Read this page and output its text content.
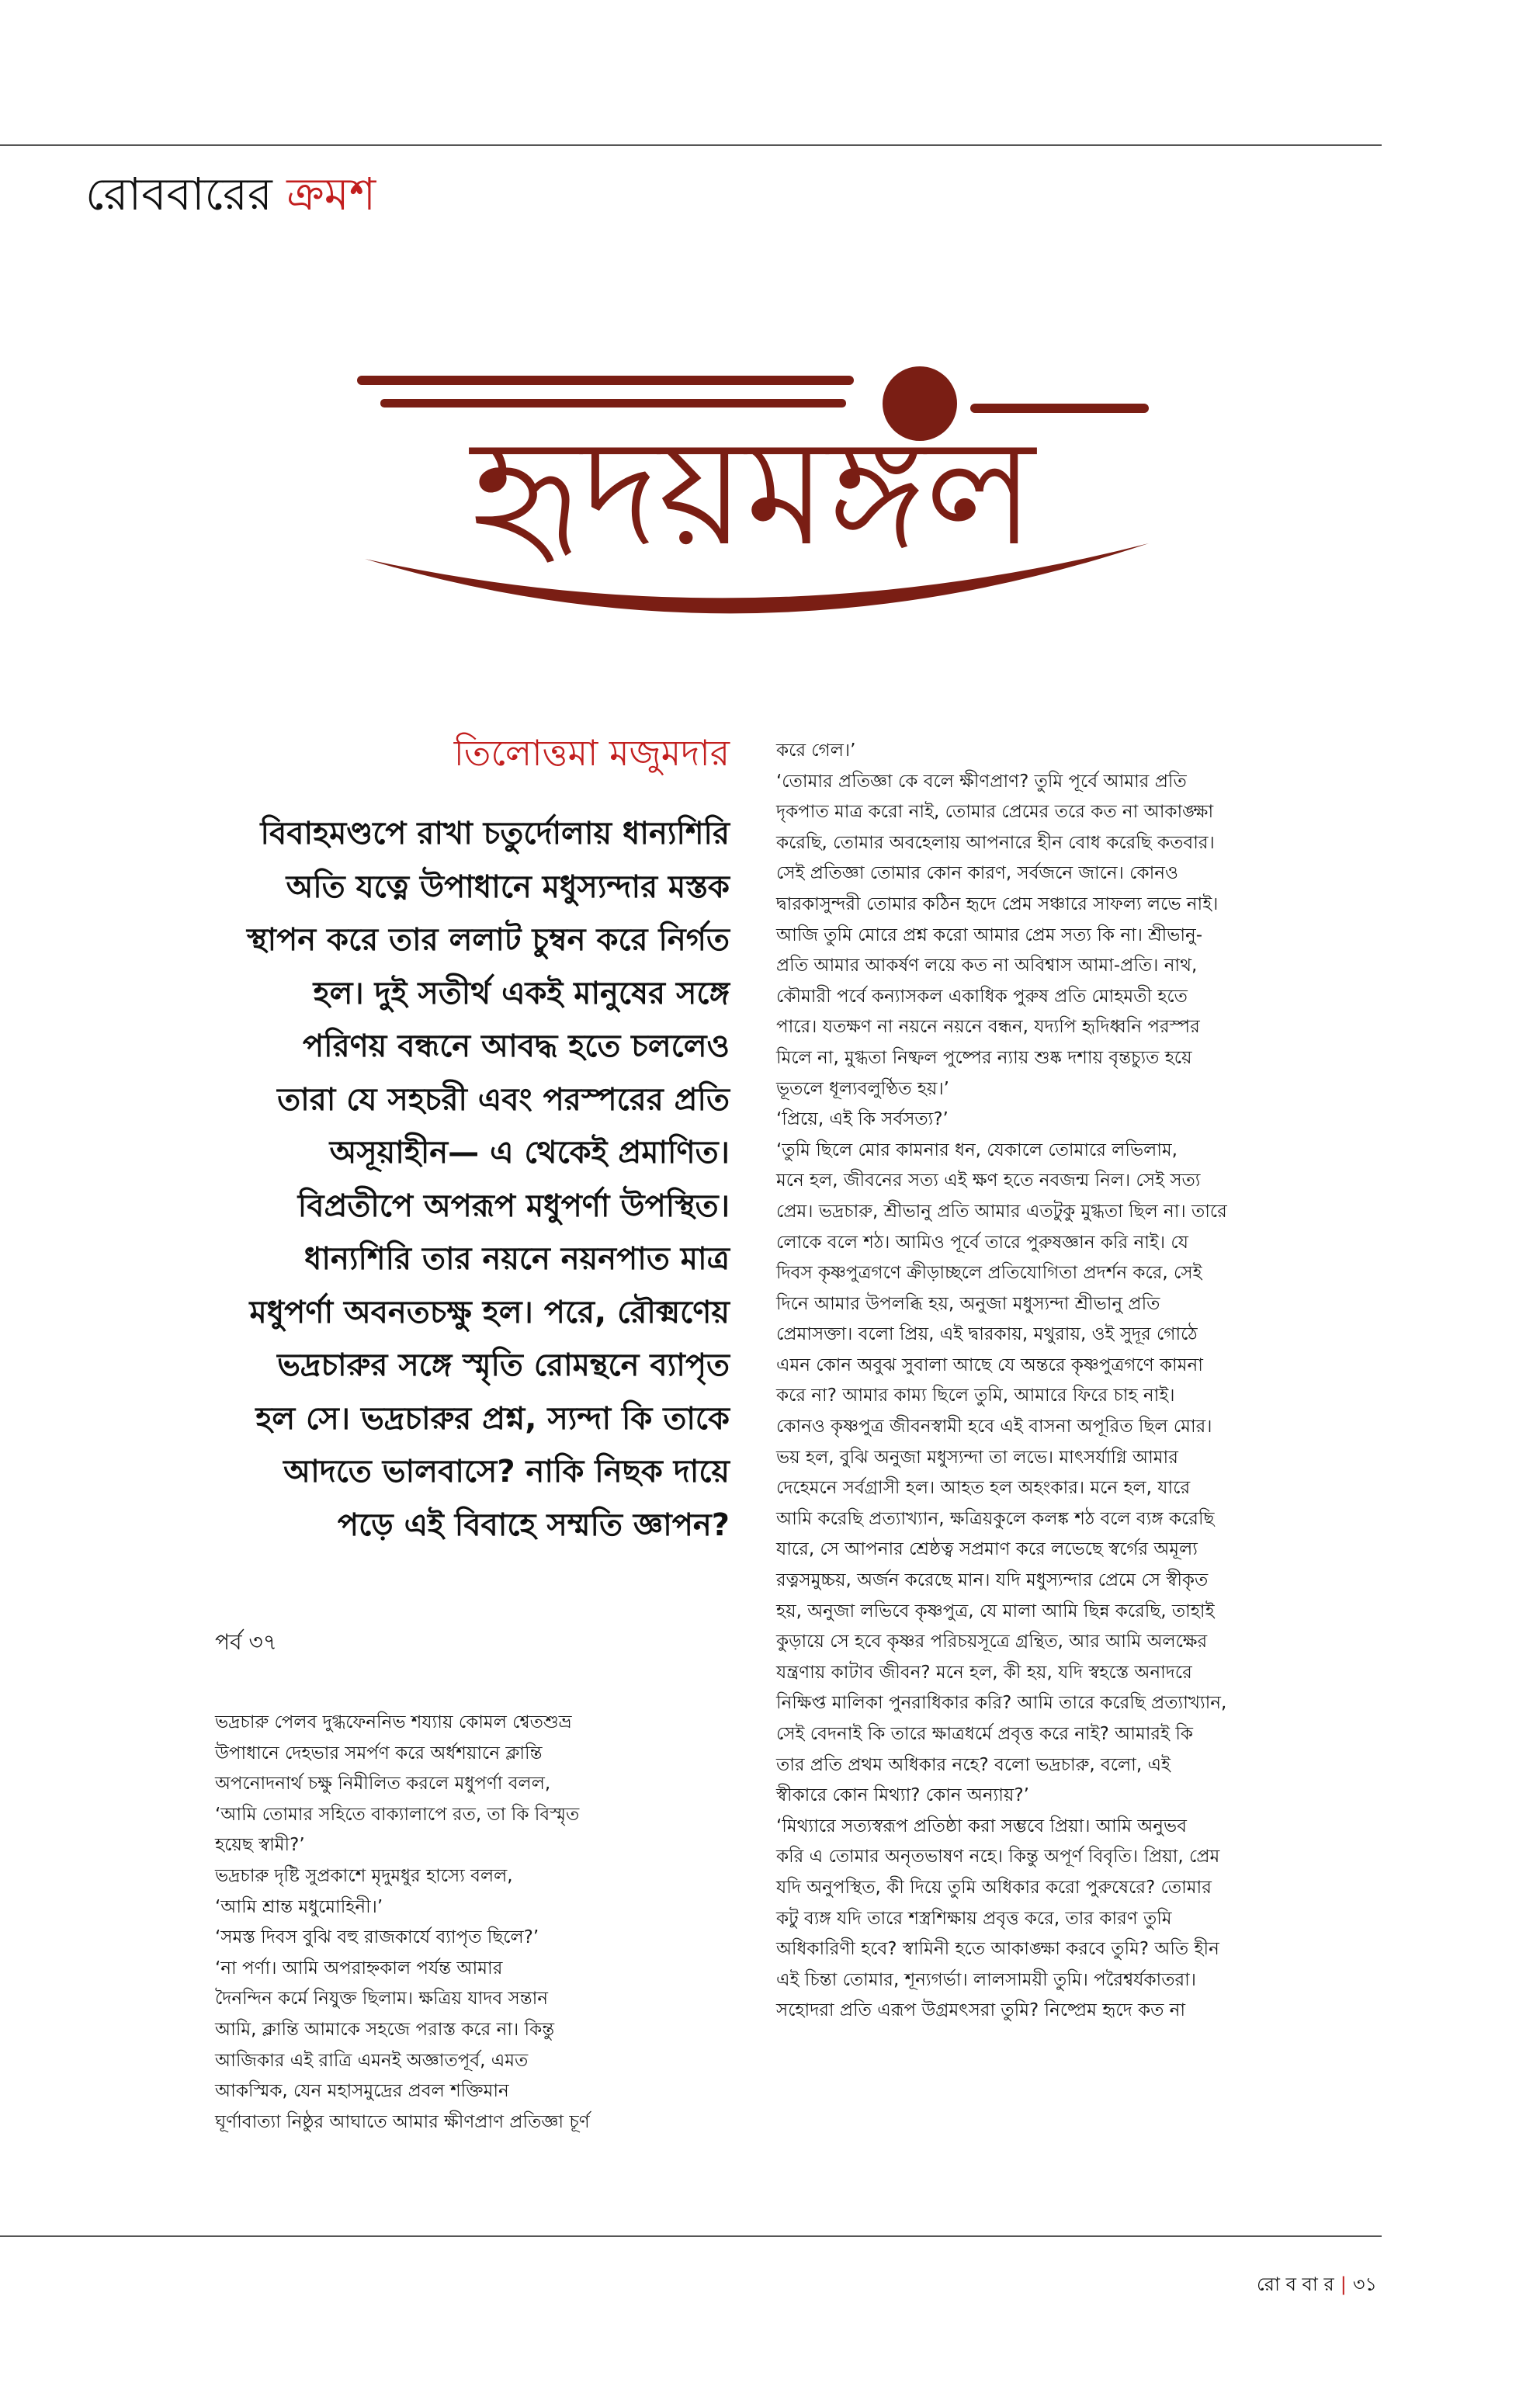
রোববারের ক্রমশ
হৃদয়মঙ্গল
তিলোত্তমা মজুমদার

বিবাহমণ্ডপে রাখা চতুর্দোলায় ধান্যশিরি

অতি যত্নে উপাধানে মধুস্যন্দার মস্তক

স্থাপন করে তার ললাট চুম্বন করে নির্গত

হল। দুই সতীর্থ একই মানুষের সঙ্গে

পরিণয় বন্ধনে আবদ্ধ হতে চললেও

তারা যে সহচরী এবং পরস্পরের প্রতি

অসূয়াহীন— এ থেকেই প্রমাণিত।

বিপ্রতীপে অপরূপ মধুপর্ণা উপস্থিত।

ধান্যশিরি তার নয়নে নয়নপাত মাত্র

মধুপর্ণা অবনতচক্ষু হল। পরে, রৌক্মণেয়

ভদ্রচারুর সঙ্গে স্মৃতি রোমন্থনে ব্যাপৃত

হল সে। ভদ্রচারুর প্রশ্ন, স্যন্দা কি তাকে

আদতে ভালবাসে? নাকি নিছক দায়ে

পড়ে এই বিবাহে সম্মতি জ্ঞাপন?

পর্ব ৩৭

ভদ্রচারু পেলব দুগ্ধফেননিভ শয্যায় কোমল শ্বেতশুভ্র

উপাধানে দেহভার সমর্পণ করে অর্ধশয়ানে ক্লান্তি

অপনোদনার্থ চক্ষু নিমীলিত করলে মধুপর্ণা বলল,

‘আমি তোমার সহিতে বাক্যালাপে রত, তা কি বিস্মৃত

হয়েছ স্বামী?’

ভদ্রচারু দৃষ্টি সুপ্রকাশে মৃদুমধুর হাস্যে বলল,

‘আমি শ্রান্ত মধুমোহিনী।’

‘সমস্ত দিবস বুঝি বহু রাজকার্যে ব্যাপৃত ছিলে?’

‘না পর্ণা। আমি অপরাহ্নকাল পর্যন্ত আমার

দৈনন্দিন কর্মে নিযুক্ত ছিলাম। ক্ষত্রিয় যাদব সন্তান

আমি, ক্লান্তি আমাকে সহজে পরাস্ত করে না। কিন্তু

আজিকার এই রাত্রি এমনই অজ্ঞাতপূর্ব, এমত

আকস্মিক, যেন মহাসমুদ্রের প্রবল শক্তিমান

ঘূর্ণাবাত্যা নিষ্ঠুর আঘাতে আমার ক্ষীণপ্রাণ প্রতিজ্ঞা চূর্ণ

করে গেল।’

‘তোমার প্রতিজ্ঞা কে বলে ক্ষীণপ্রাণ? তুমি পূর্বে আমার প্রতি

দৃকপাত মাত্র করো নাই, তোমার প্রেমের তরে কত না আকাঙ্ক্ষা

করেছি, তোমার অবহেলায় আপনারে হীন বোধ করেছি কতবার।

সেই প্রতিজ্ঞা তোমার কোন কারণ, সর্বজনে জানে। কোনও

দ্বারকাসুন্দরী তোমার কঠিন হৃদে প্রেম সঞ্চারে সাফল্য লভে নাই।

আজি তুমি মোরে প্রশ্ন করো আমার প্রেম সত্য কি না। শ্রীভানু-

প্রতি আমার আকর্ষণ লয়ে কত না অবিশ্বাস আমা-প্রতি। নাথ,

কৌমারী পর্বে কন্যাসকল একাধিক পুরুষ প্রতি মোহমতী হতে

পারে। যতক্ষণ না নয়নে নয়নে বন্ধন, যদ্যপি হৃদিধ্বনি পরস্পর

মিলে না, মুগ্ধতা নিষ্ফল পুষ্পের ন্যায় শুষ্ক দশায় বৃন্তচ্যুত হয়ে

ভূতলে ধূল্যবলুণ্ঠিত হয়।’

‘প্রিয়ে, এই কি সর্বসত্য?’

‘তুমি ছিলে মোর কামনার ধন, যেকালে তোমারে লভিলাম,

মনে হল, জীবনের সত্য এই ক্ষণ হতে নবজন্ম নিল। সেই সত্য

প্রেম। ভদ্রচারু, শ্রীভানু প্রতি আমার এতটুকু মুগ্ধতা ছিল না। তারে

লোকে বলে শঠ। আমিও পূর্বে তারে পুরুষজ্ঞান করি নাই। যে

দিবস কৃষ্ণপুত্রগণে ক্রীড়াচ্ছলে প্রতিযোগিতা প্রদর্শন করে, সেই

দিনে আমার উপলব্ধি হয়, অনুজা মধুস্যন্দা শ্রীভানু প্রতি

প্রেমাসক্তা। বলো প্রিয়, এই দ্বারকায়, মথুরায়, ওই সুদূর গোঠে

এমন কোন অবুঝ সুবালা আছে যে অন্তরে কৃষ্ণপুত্রগণে কামনা

করে না? আমার কাম্য ছিলে তুমি, আমারে ফিরে চাহ নাই।

কোনও কৃষ্ণপুত্র জীবনস্বামী হবে এই বাসনা অপূরিত ছিল মোর।

ভয় হল, বুঝি অনুজা মধুস্যন্দা তা লভে। মাৎসর্যাগ্নি আমার

দেহেমনে সর্বগ্রাসী হল। আহত হল অহংকার। মনে হল, যারে

আমি করেছি প্রত্যাখ্যান, ক্ষত্রিয়কুলে কলঙ্ক শঠ বলে ব্যঙ্গ করেছি

যারে, সে আপনার শ্রেষ্ঠত্ব সপ্রমাণ করে লভেছে স্বর্গের অমূল্য

রত্নসমুচ্চয়, অর্জন করেছে মান। যদি মধুস্যন্দার প্রেমে সে স্বীকৃত

হয়, অনুজা লভিবে কৃষ্ণপুত্র, যে মালা আমি ছিন্ন করেছি, তাহাই

কুড়ায়ে সে হবে কৃষ্ণর পরিচয়সূত্রে গ্রন্থিত, আর আমি অলক্ষের

যন্ত্রণায় কাটাব জীবন? মনে হল, কী হয়, যদি স্বহস্তে অনাদরে

নিক্ষিপ্ত মালিকা পুনরাধিকার করি? আমি তারে করেছি প্রত্যাখ্যান,

সেই বেদনাই কি তারে ক্ষাত্রধর্মে প্রবৃত্ত করে নাই? আমারই কি

তার প্রতি প্রথম অধিকার নহে? বলো ভদ্রচারু, বলো, এই

স্বীকারে কোন মিথ্যা? কোন অন্যায়?’

‘মিথ্যারে সত্যস্বরূপ প্রতিষ্ঠা করা সম্ভবে প্রিয়া। আমি অনুভব

করি এ তোমার অনৃতভাষণ নহে। কিন্তু অপূর্ণ বিবৃতি। প্রিয়া, প্রেম

যদি অনুপস্থিত, কী দিয়ে তুমি অধিকার করো পুরুষেরে? তোমার

কটু ব্যঙ্গ যদি তারে শস্ত্রশিক্ষায় প্রবৃত্ত করে, তার কারণ তুমি

অধিকারিণী হবে? স্বামিনী হতে আকাঙ্ক্ষা করবে তুমি? অতি হীন

এই চিন্তা তোমার, শূন্যগর্ভা। লালসাময়ী তুমি। পরৈশ্বর্যকাতরা।

সহোদরা প্রতি এরূপ উগ্রমৎসরা তুমি? নিষ্প্রেম হৃদে কত না

রো ব বা র | ৩১
